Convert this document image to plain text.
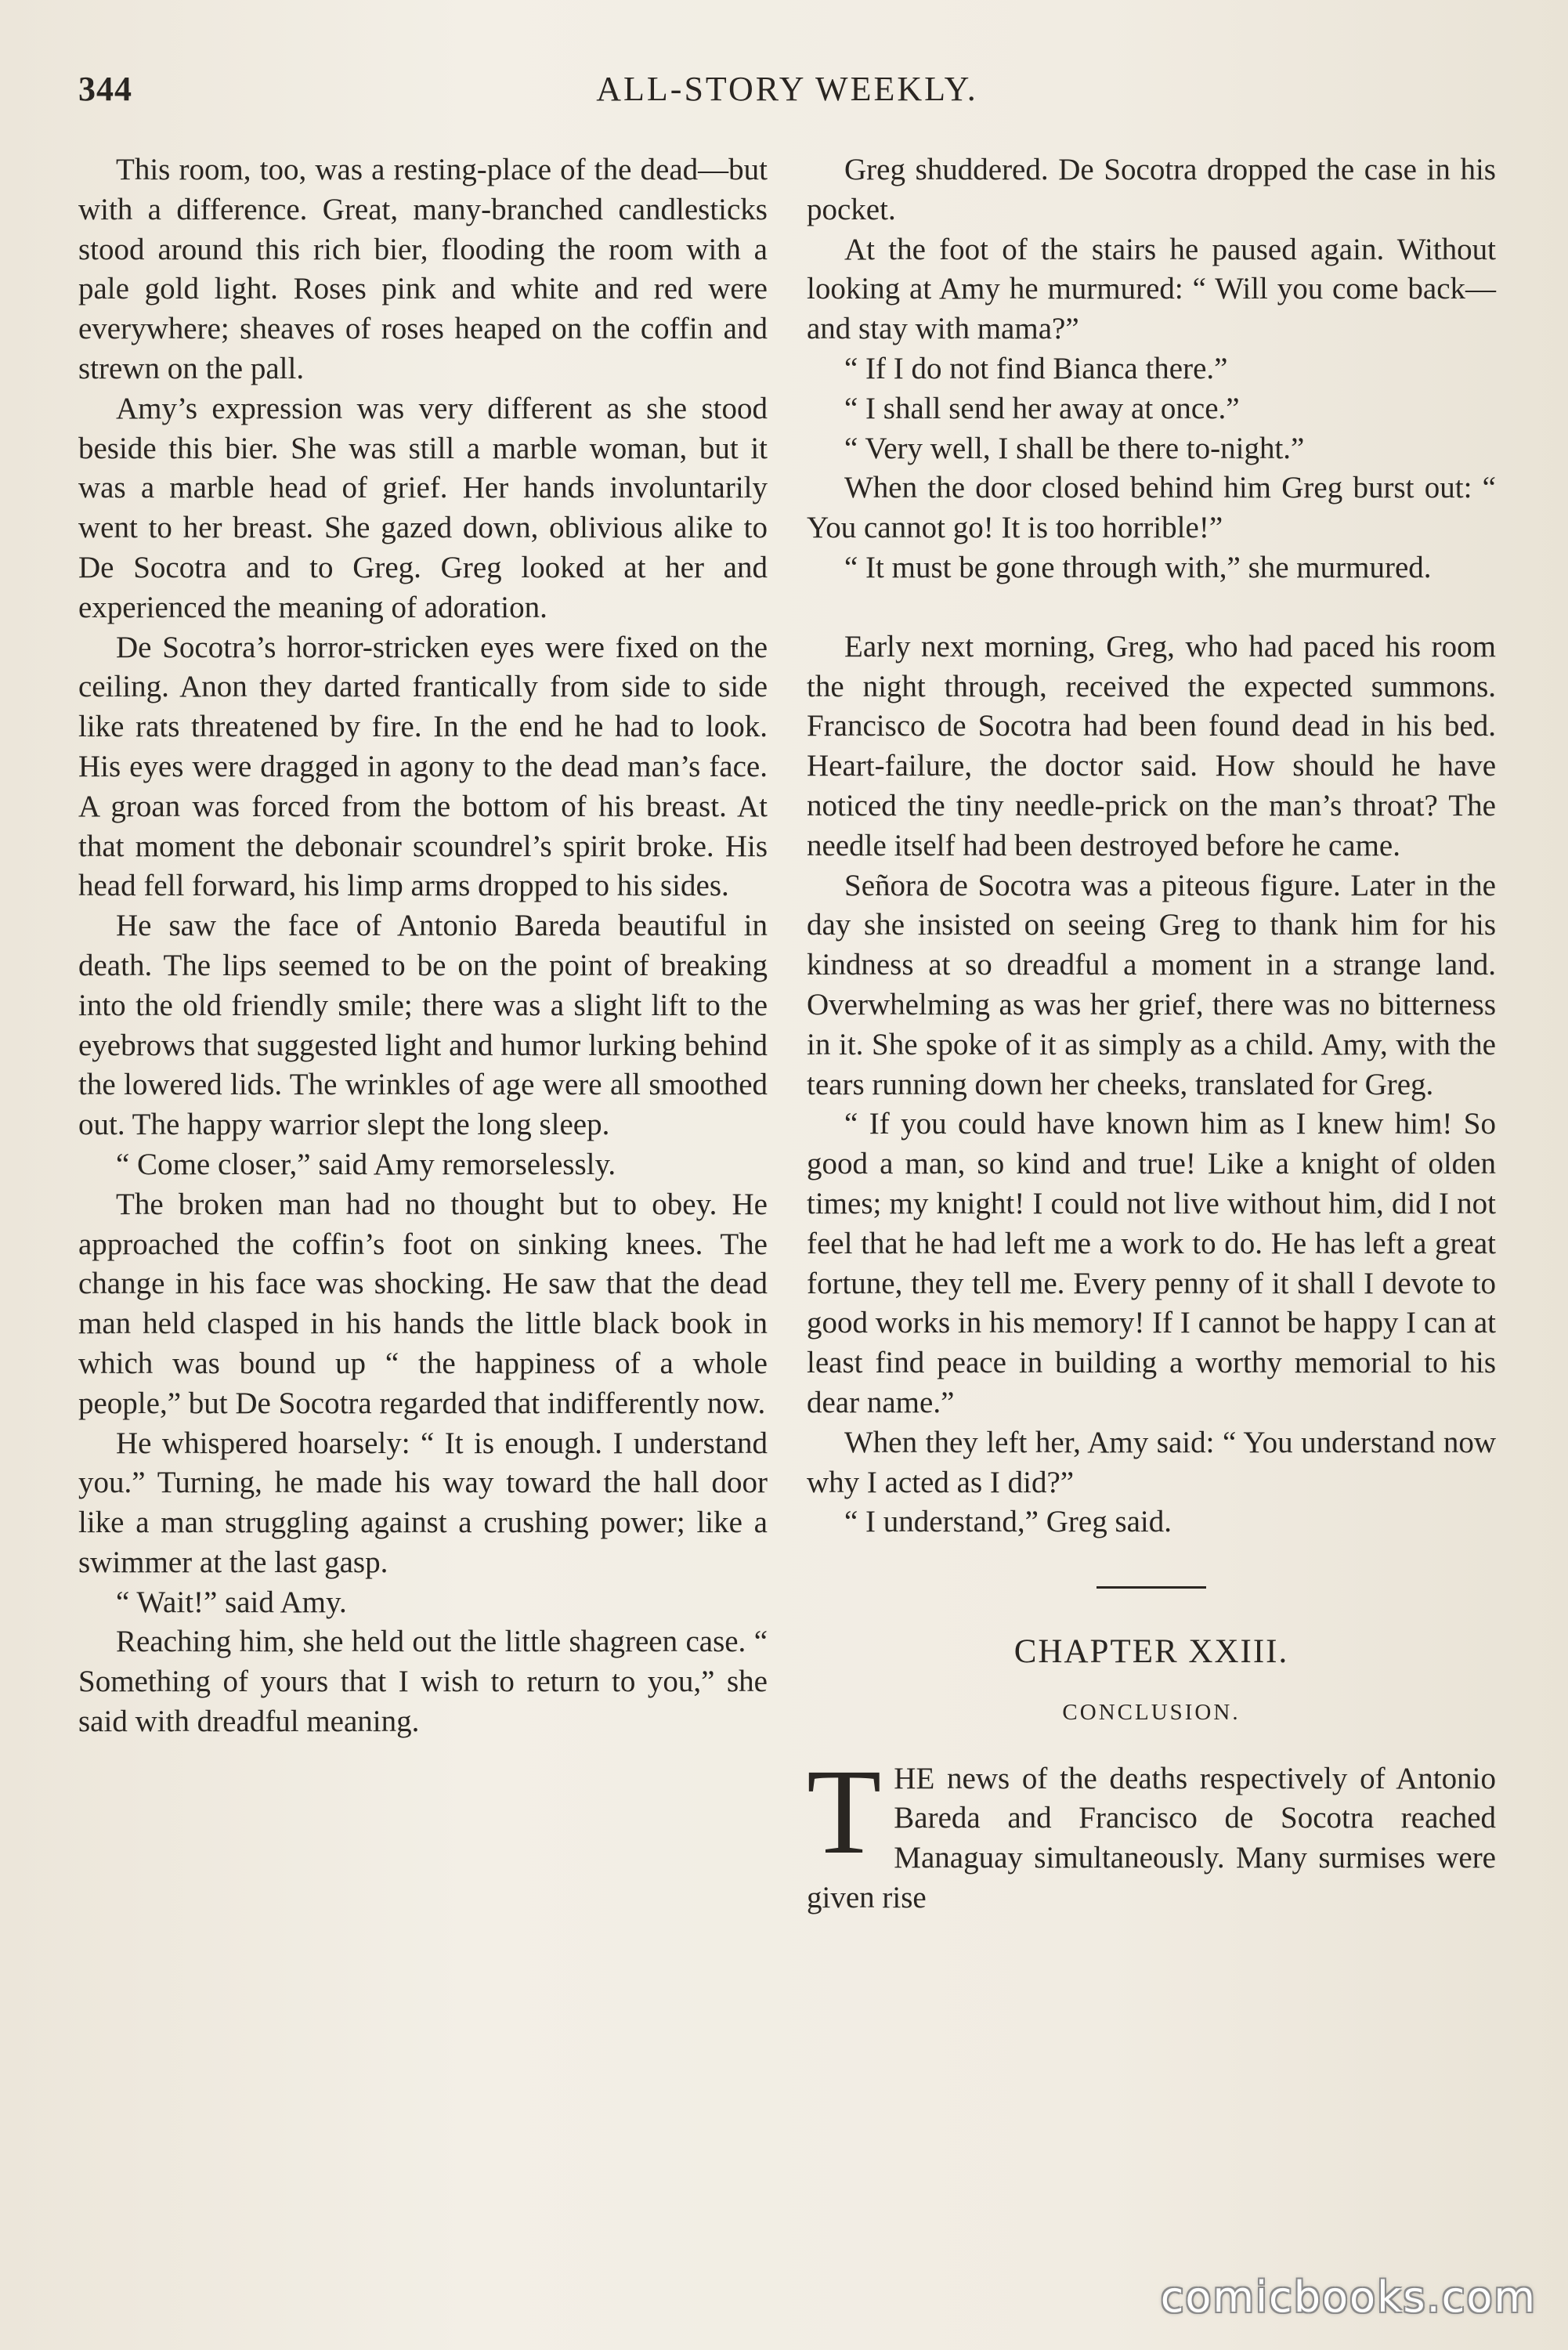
344	ALL-STORY WEEKLY.

This room, too, was a resting-place of the dead—but with a difference. Great, many-branched candlesticks stood around this rich bier, flooding the room with a pale gold light. Roses pink and white and red were everywhere; sheaves of roses heaped on the coffin and strewn on the pall.

Amy’s expression was very different as she stood beside this bier. She was still a marble woman, but it was a marble head of grief. Her hands involuntarily went to her breast. She gazed down, oblivious alike to De Socotra and to Greg. Greg looked at her and experienced the meaning of adoration.

De Socotra’s horror-stricken eyes were fixed on the ceiling. Anon they darted frantically from side to side like rats threatened by fire. In the end he had to look. His eyes were dragged in agony to the dead man’s face. A groan was forced from the bottom of his breast. At that moment the debonair scoundrel’s spirit broke. His head fell forward, his limp arms dropped to his sides.

He saw the face of Antonio Bareda beautiful in death. The lips seemed to be on the point of breaking into the old friendly smile; there was a slight lift to the eyebrows that suggested light and humor lurking behind the lowered lids. The wrinkles of age were all smoothed out. The happy warrior slept the long sleep.

“ Come closer,” said Amy remorselessly.

The broken man had no thought but to obey. He approached the coffin’s foot on sinking knees. The change in his face was shocking. He saw that the dead man held clasped in his hands the little black book in which was bound up “ the happiness of a whole people,” but De Socotra regarded that indifferently now.

He whispered hoarsely: “ It is enough. I understand you.” Turning, he made his way toward the hall door like a man struggling against a crushing power; like a swimmer at the last gasp.

“ Wait!” said Amy.

Reaching him, she held out the little shagreen case. “ Something of yours that I wish to return to you,” she said with dreadful meaning.

Greg shuddered. De Socotra dropped the case in his pocket.

At the foot of the stairs he paused again. Without looking at Amy he murmured: “ Will you come back—and stay with mama?”

“ If I do not find Bianca there.”

“ I shall send her away at once.”

“ Very well, I shall be there to-night.”

When the door closed behind him Greg burst out: “ You cannot go! It is too horrible!”

“ It must be gone through with,” she murmured.

Early next morning, Greg, who had paced his room the night through, received the expected summons. Francisco de Socotra had been found dead in his bed. Heart-failure, the doctor said. How should he have noticed the tiny needle-prick on the man’s throat? The needle itself had been destroyed before he came.

Señora de Socotra was a piteous figure. Later in the day she insisted on seeing Greg to thank him for his kindness at so dreadful a moment in a strange land. Overwhelming as was her grief, there was no bitterness in it. She spoke of it as simply as a child. Amy, with the tears running down her cheeks, translated for Greg.

“ If you could have known him as I knew him! So good a man, so kind and true! Like a knight of olden times; my knight! I could not live without him, did I not feel that he had left me a work to do. He has left a great fortune, they tell me. Every penny of it shall I devote to good works in his memory! If I cannot be happy I can at least find peace in building a worthy memorial to his dear name.”

When they left her, Amy said: “ You understand now why I acted as I did?”

“ I understand,” Greg said.

CHAPTER XXIII.
CONCLUSION.

THE news of the deaths respectively of Antonio Bareda and Francisco de Socotra reached Managuay simultaneously. Many surmises were given rise

comicbooks.com
